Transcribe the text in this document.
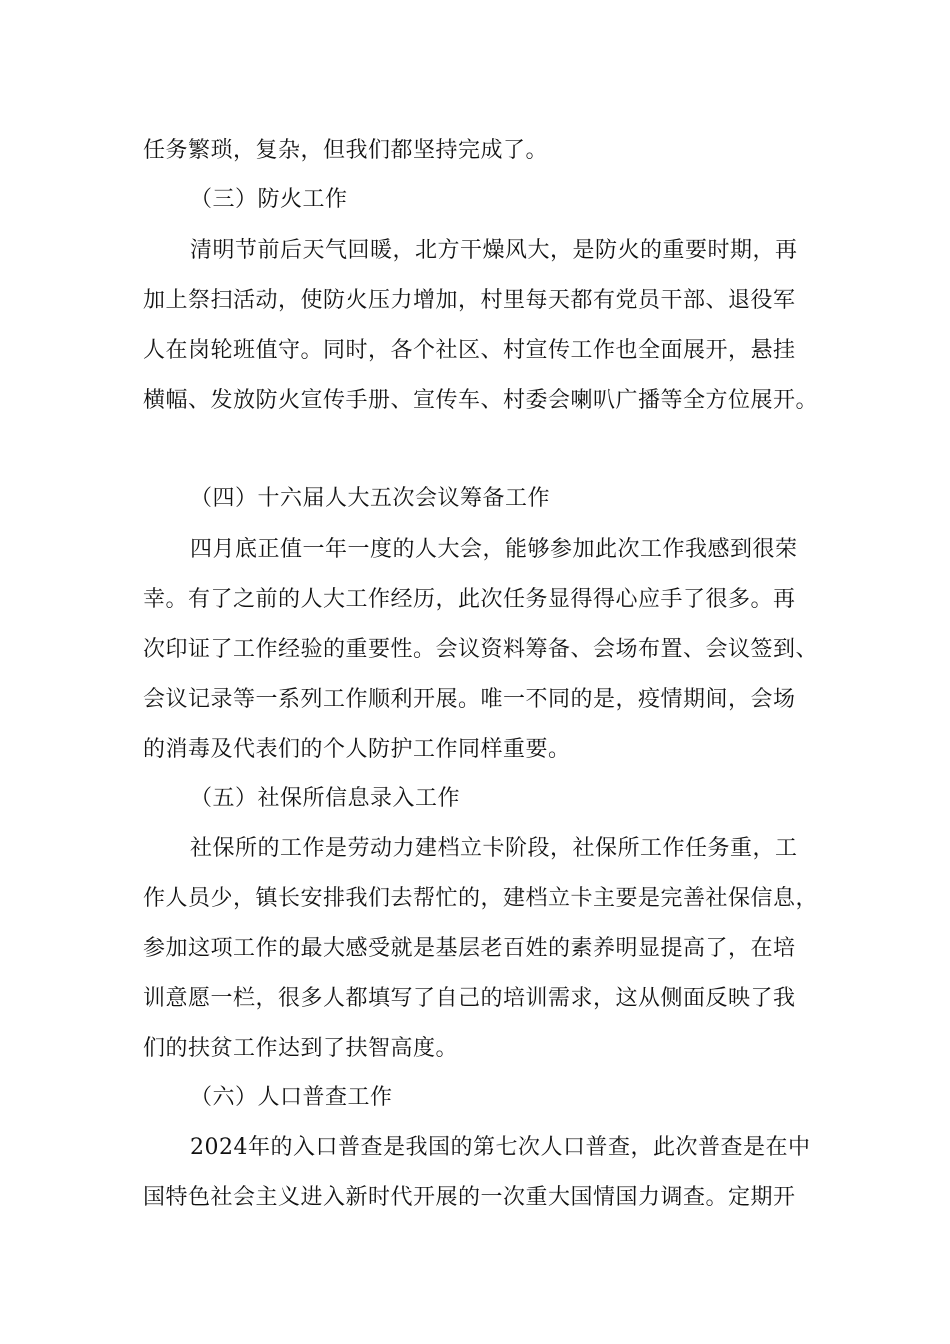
任务繁琐，复杂，但我们都坚持完成了。
（三）防火工作
清明节前后天气回暖，北方干燥风大，是防火的重要时期，再
加上祭扫活动，使防火压力增加，村里每天都有党员干部、退役军
人在岗轮班值守。同时，各个社区、村宣传工作也全面展开，悬挂
横幅、发放防火宣传手册、宣传车、村委会喇叭广播等全方位展开。
（四）十六届人大五次会议筹备工作
四月底正值一年一度的人大会，能够参加此次工作我感到很荣
幸。有了之前的人大工作经历，此次任务显得得心应手了很多。再
次印证了工作经验的重要性。会议资料筹备、会场布置、会议签到、
会议记录等一系列工作顺利开展。唯一不同的是，疫情期间，会场
的消毒及代表们的个人防护工作同样重要。
（五）社保所信息录入工作
社保所的工作是劳动力建档立卡阶段，社保所工作任务重，工
作人员少，镇长安排我们去帮忙的，建档立卡主要是完善社保信息，
参加这项工作的最大感受就是基层老百姓的素养明显提高了，在培
训意愿一栏，很多人都填写了自己的培训需求，这从侧面反映了我
们的扶贫工作达到了扶智高度。
（六）人口普查工作
2024年的入口普查是我国的第七次人口普查，此次普查是在中
国特色社会主义进入新时代开展的一次重大国情国力调查。定期开
